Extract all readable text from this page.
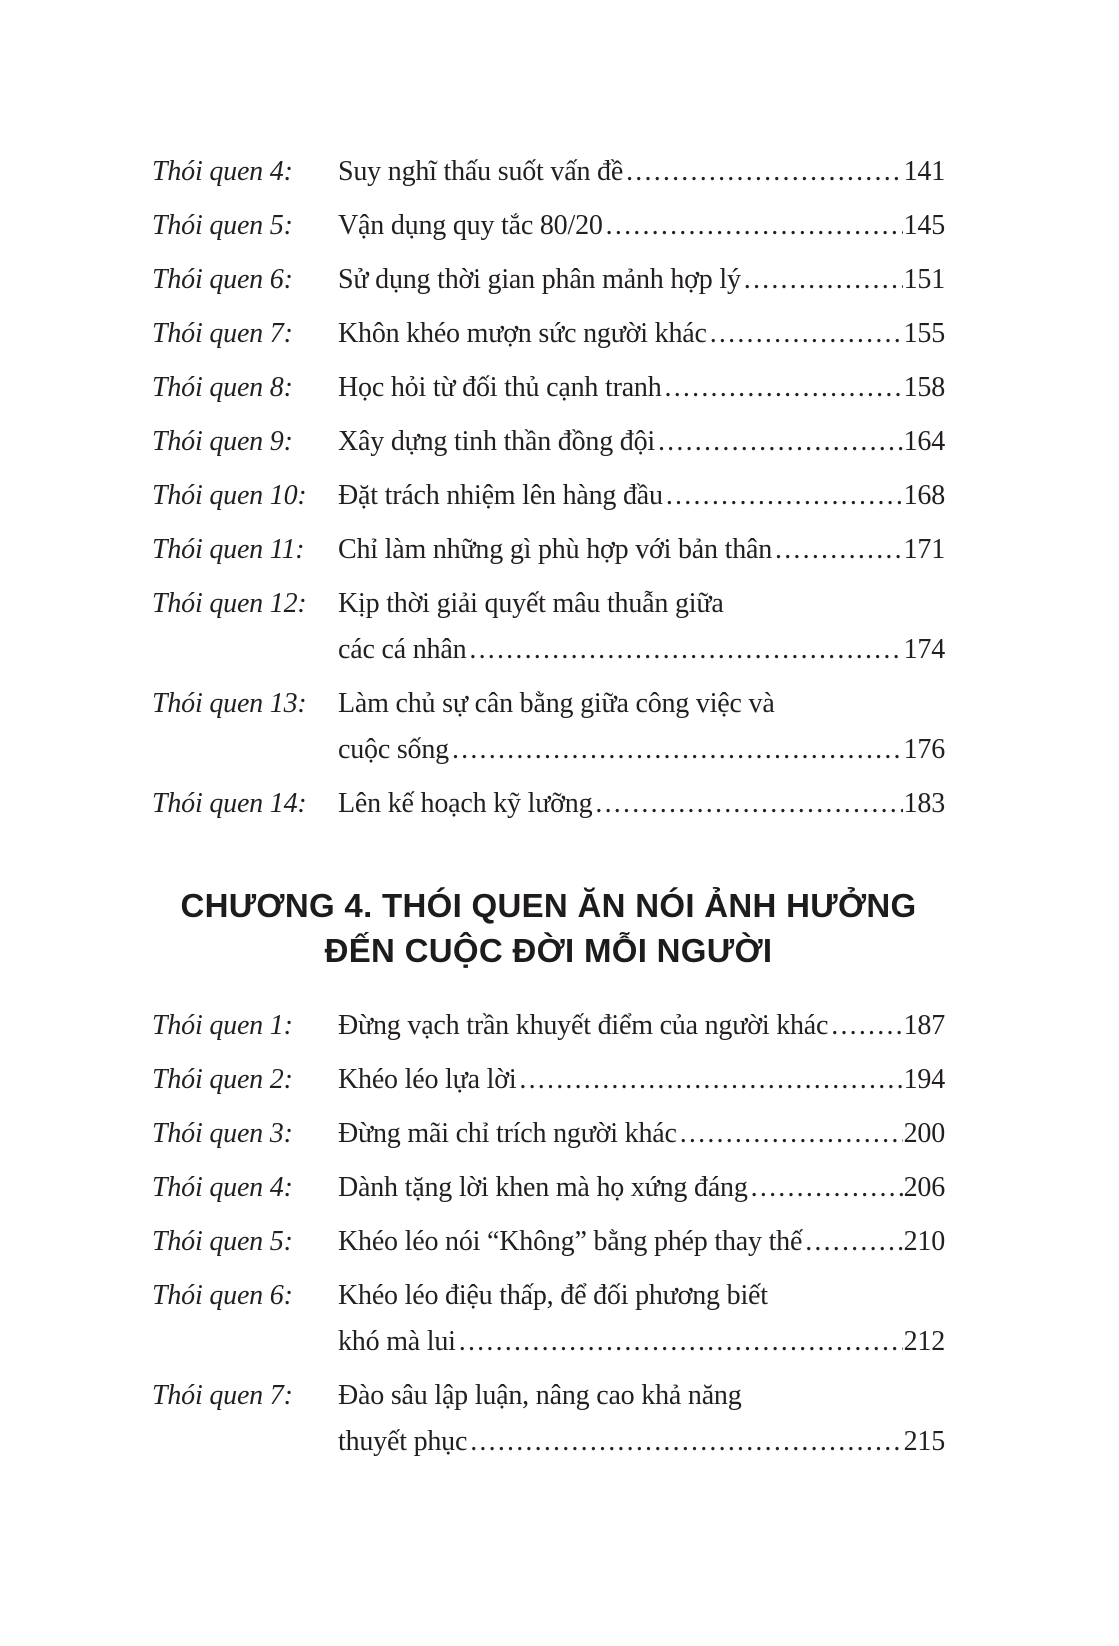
Thói quen 4:	Suy nghĩ thấu suốt vấn đề .....	141
Thói quen 5:	Vận dụng quy tắc 80/20 .....	145
Thói quen 6:	Sử dụng thời gian phân mảnh hợp lý .....	151
Thói quen 7:	Khôn khéo mượn sức người khác .....	155
Thói quen 8:	Học hỏi từ đối thủ cạnh tranh .....	158
Thói quen 9:	Xây dựng tinh thần đồng đội .....	164
Thói quen 10:	Đặt trách nhiệm lên hàng đầu .....	168
Thói quen 11:	Chỉ làm những gì phù hợp với bản thân .....	171
Thói quen 12:	Kịp thời giải quyết mâu thuẫn giữa
các cá nhân .....	174
Thói quen 13:	Làm chủ sự cân bằng giữa công việc và
cuộc sống .....	176
Thói quen 14:	Lên kế hoạch kỹ lưỡng .....	183
CHƯƠNG 4. THÓI QUEN ĂN NÓI ẢNH HƯỞNG
ĐẾN CUỘC ĐỜI MỖI NGƯỜI
Thói quen 1:	Đừng vạch trần khuyết điểm của người khác .....	187
Thói quen 2:	Khéo léo lựa lời .....	194
Thói quen 3:	Đừng mãi chỉ trích người khác .....	200
Thói quen 4:	Dành tặng lời khen mà họ xứng đáng .....	206
Thói quen 5:	Khéo léo nói “Không” bằng phép thay thế .....	210
Thói quen 6:	Khéo léo điệu thấp, để đối phương biết
khó mà lui .....	212
Thói quen 7:	Đào sâu lập luận, nâng cao khả năng
thuyết phục .....	215
